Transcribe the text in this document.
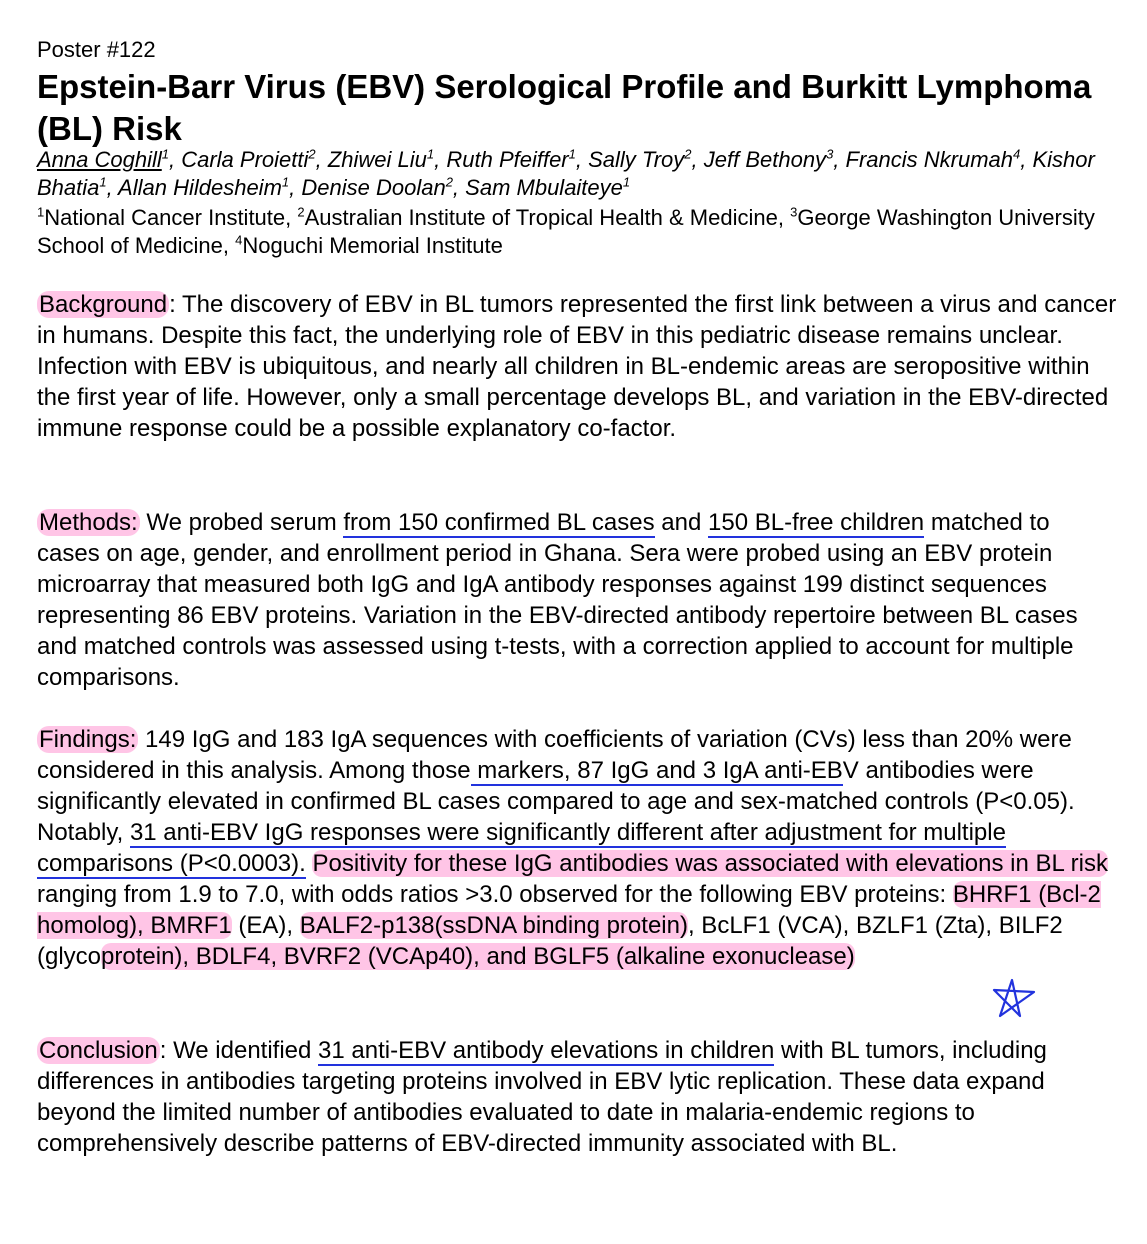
Poster #122
Epstein-Barr Virus (EBV) Serological Profile and Burkitt Lymphoma (BL) Risk
Anna Coghill$^1$, Carla Proietti$^2$, Zhiwei Liu$^1$, Ruth Pfeiffer$^1$, Sally Troy$^2$, Jeff Bethony$^3$, Francis Nkrumah$^4$, Kishor Bhatia$^1$, Allan Hildesheim$^1$, Denise Doolan$^2$, Sam Mbulaiteye$^1$
$^1$National Cancer Institute, $^2$Australian Institute of Tropical Health & Medicine, $^3$George Washington University School of Medicine, $^4$Noguchi Memorial Institute

Background: The discovery of EBV in BL tumors represented the first link between a virus and cancer in humans. Despite this fact, the underlying role of EBV in this pediatric disease remains unclear. Infection with EBV is ubiquitous, and nearly all children in BL-endemic areas are seropositive within the first year of life. However, only a small percentage develops BL, and variation in the EBV-directed immune response could be a possible explanatory co-factor.

Methods: We probed serum from 150 confirmed BL cases and 150 BL-free children matched to cases on age, gender, and enrollment period in Ghana. Sera were probed using an EBV protein microarray that measured both IgG and IgA antibody responses against 199 distinct sequences representing 86 EBV proteins. Variation in the EBV-directed antibody repertoire between BL cases and matched controls was assessed using t-tests, with a correction applied to account for multiple comparisons.

Findings: 149 IgG and 183 IgA sequences with coefficients of variation (CVs) less than 20% were considered in this analysis. Among those markers, 87 IgG and 3 IgA anti-EBV antibodies were significantly elevated in confirmed BL cases compared to age and sex-matched controls (P<0.05). Notably, 31 anti-EBV IgG responses were significantly different after adjustment for multiple comparisons (P<0.0003). Positivity for these IgG antibodies was associated with elevations in BL risk ranging from 1.9 to 7.0, with odds ratios >3.0 observed for the following EBV proteins: BHRF1 (Bcl-2 homolog), BMRF1 (EA), BALF2-p138(ssDNA binding protein), BcLF1 (VCA), BZLF1 (Zta), BILF2 (glycoprotein), BDLF4, BVRF2 (VCAp40), and BGLF5 (alkaline exonuclease)

Conclusion: We identified 31 anti-EBV antibody elevations in children with BL tumors, including differences in antibodies targeting proteins involved in EBV lytic replication. These data expand beyond the limited number of antibodies evaluated to date in malaria-endemic regions to comprehensively describe patterns of EBV-directed immunity associated with BL.
